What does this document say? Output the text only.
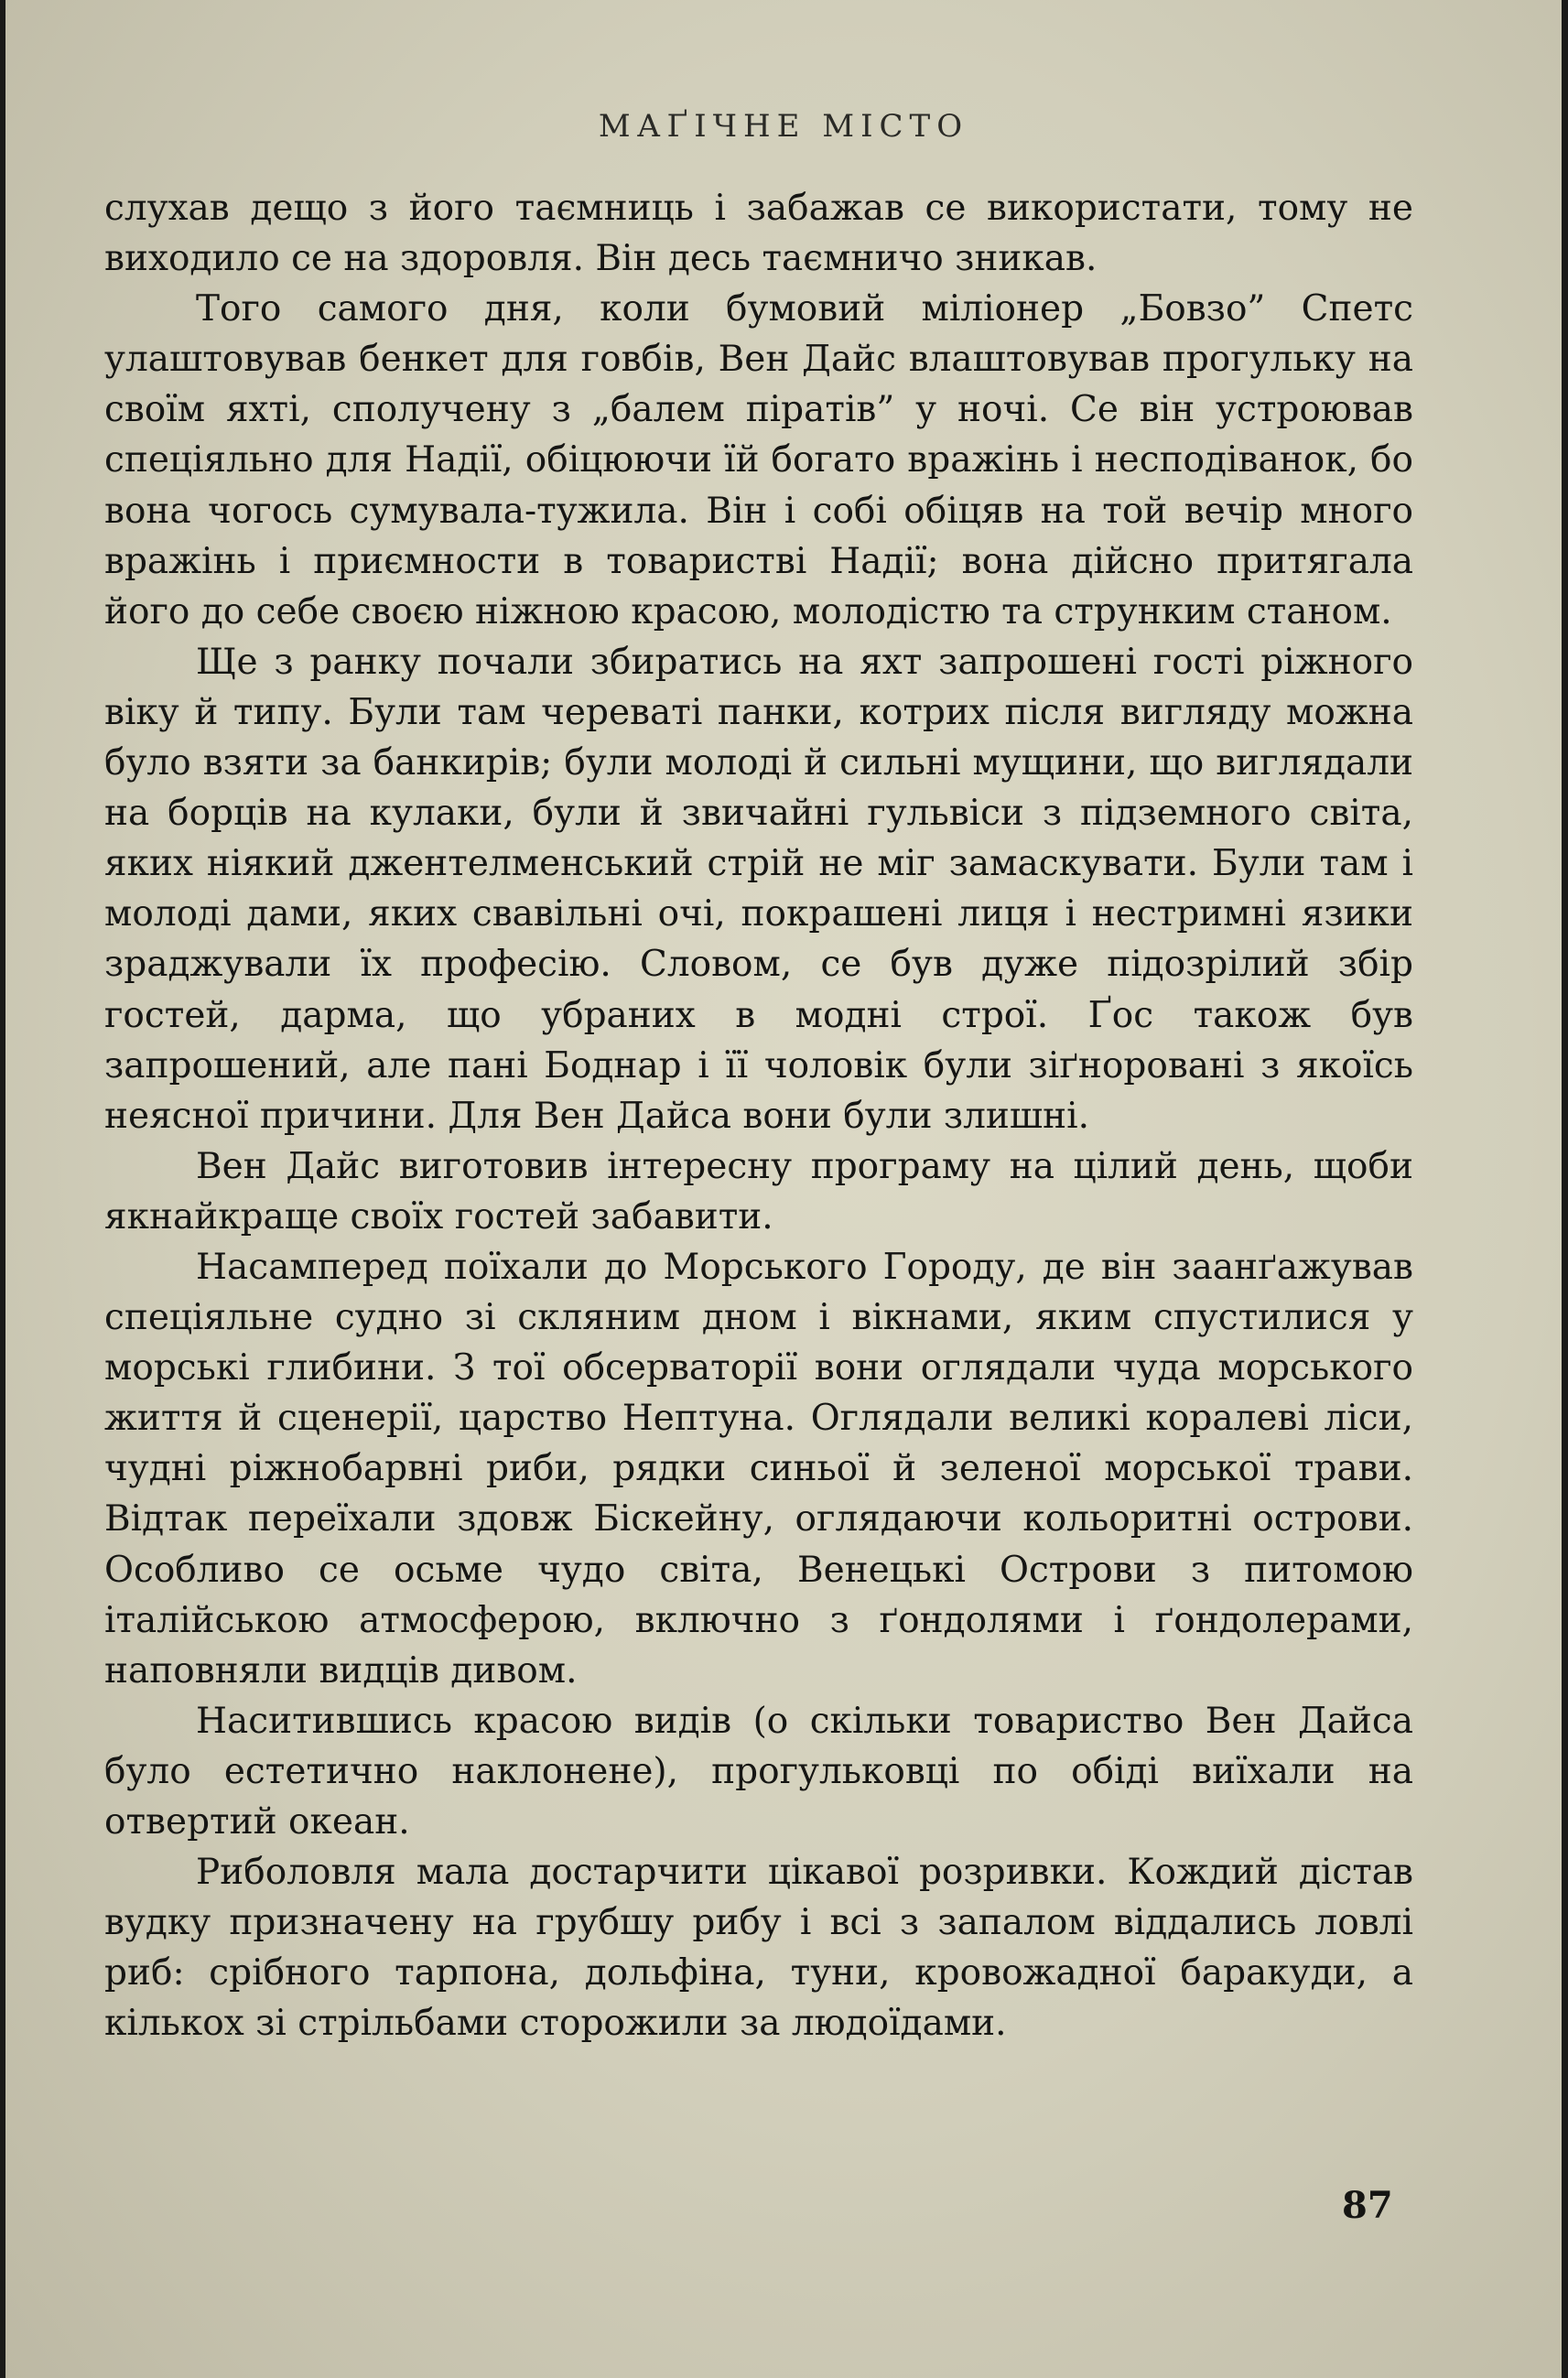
МАҐІЧНЕ МІСТО

слухав дещо з його таємниць і забажав се використати, тому не виходило се на здоровля. Він десь таємничо зникав.

Того самого дня, коли бумовий міліонер „Бовзо” Спетс улаштовував бенкет для говбів, Вен Дайс влаштовував прогульку на своїм яхті, сполучену з „балем піратів” у ночі. Се він устроював спеціяльно для Надії, обіцюючи їй богато вражінь і несподіванок, бо вона чогось сумувала-тужила. Він і собі обіцяв на той вечір много вражінь і приємности в товаристві Надії; вона дійсно притягала його до себе своєю ніжною красою, молодістю та струнким станом.

Ще з ранку почали збиратись на яхт запрошені гості ріжного віку й типу. Були там череваті панки, котрих після вигляду можна було взяти за банкирів; були молоді й сильні мущини, що виглядали на борців на кулаки, були й звичайні гульвіси з підземного світа, яких ніякий джентелменський стрій не міг замаскувати. Були там і молоді дами, яких свавільні очі, покрашені лиця і нестримні язики зраджували їх професію. Словом, се був дуже підозрілий збір гостей, дарма, що убраних в модні строї. Ґос також був запрошений, але пані Боднар і її чоловік були зіґноровані з якоїсь неясної причини. Для Вен Дайса вони були злишні.

Вен Дайс виготовив інтересну програму на цілий день, щоби якнайкраще своїх гостей забавити.

Насамперед поїхали до Морського Городу, де він заанґажував спеціяльне судно зі скляним дном і вікнами, яким спустилися у морські глибини. З тої обсерваторії вони оглядали чуда морського життя й сценерії, царство Нептуна. Оглядали великі коралеві ліси, чудні ріжнобарвні риби, рядки синьої й зеленої морської трави. Відтак переїхали здовж Біскейну, оглядаючи кольоритні острови. Особливо се осьме чудо світа, Венецькі Острови з питомою італійською атмосферою, включно з ґондолями і ґондолерами, наповняли видців дивом.

Наситившись красою видів (о скільки товариство Вен Дайса було естетично наклонене), прогульковці по обіді виїхали на отвертий океан.

Риболовля мала достарчити цікавої розривки. Кождий дістав вудку призначену на грубшу рибу і всі з запалом віддались ловлі риб: срібного тарпона, дольфіна, туни, кровожадної баракуди, а кількох зі стрільбами сторожили за людоїдами.

87
